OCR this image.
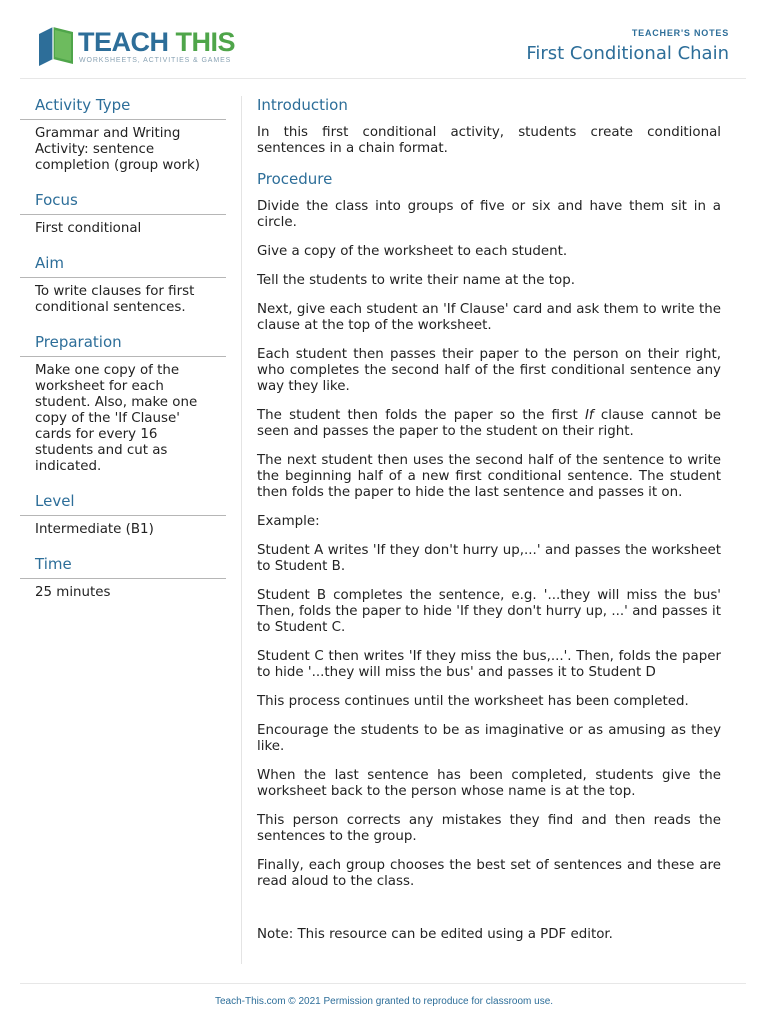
TEACH THIS
WORKSHEETS, ACTIVITIES & GAMES
TEACHER'S NOTES
First Conditional Chain
Activity Type
Grammar and Writing Activity: sentence completion (group work)
Focus
First conditional
Aim
To write clauses for first conditional sentences.
Preparation
Make one copy of the worksheet for each student. Also, make one copy of the 'If Clause' cards for every 16 students and cut as indicated.
Level
Intermediate (B1)
Time
25 minutes
Introduction
In this first conditional activity, students create conditional sentences in a chain format.
Procedure
Divide the class into groups of five or six and have them sit in a circle.
Give a copy of the worksheet to each student.
Tell the students to write their name at the top.
Next, give each student an 'If Clause' card and ask them to write the clause at the top of the worksheet.
Each student then passes their paper to the person on their right, who completes the second half of the first conditional sentence any way they like.
The student then folds the paper so the first If clause cannot be seen and passes the paper to the student on their right.
The next student then uses the second half of the sentence to write the beginning half of a new first conditional sentence. The student then folds the paper to hide the last sentence and passes it on.
Example:
Student A writes 'If they don't hurry up,...' and passes the worksheet to Student B.
Student B completes the sentence, e.g. '...they will miss the bus' Then, folds the paper to hide 'If they don't hurry up, ...' and passes it to Student C.
Student C then writes 'If they miss the bus,...'. Then, folds the paper to hide '...they will miss the bus' and passes it to Student D
This process continues until the worksheet has been completed.
Encourage the students to be as imaginative or as amusing as they like.
When the last sentence has been completed, students give the worksheet back to the person whose name is at the top.
This person corrects any mistakes they find and then reads the sentences to the group.
Finally, each group chooses the best set of sentences and these are read aloud to the class.
Note: This resource can be edited using a PDF editor.
Teach-This.com © 2021 Permission granted to reproduce for classroom use.
